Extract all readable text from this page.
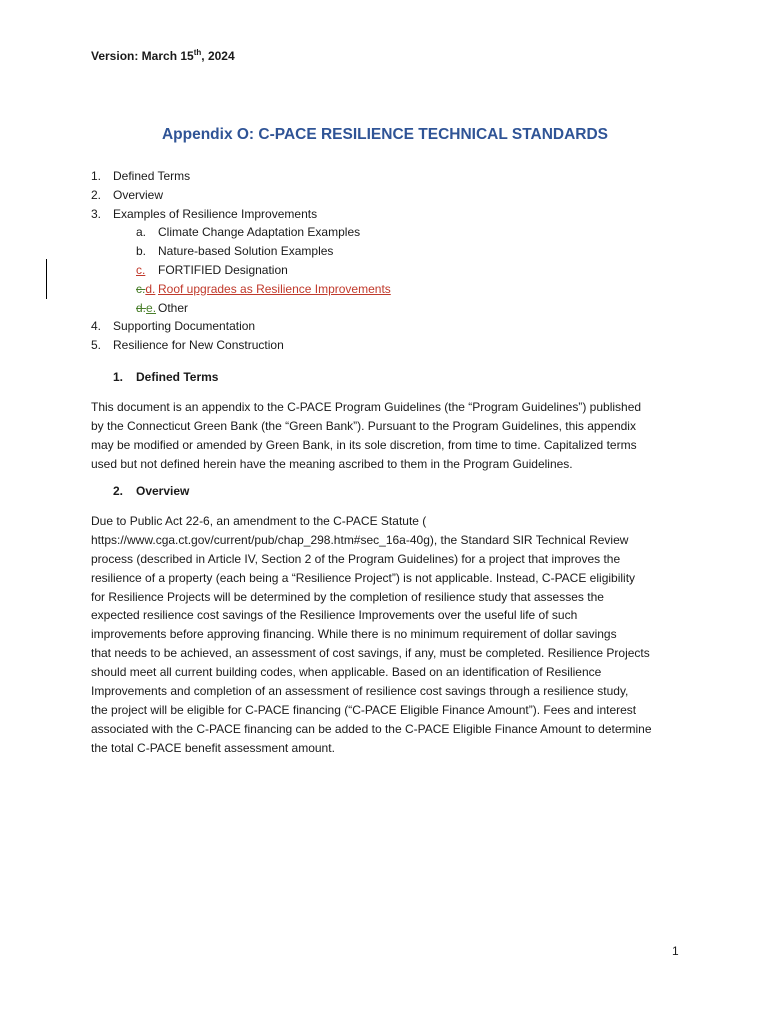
Version: March 15th, 2024
Appendix O: C-PACE RESILIENCE TECHNICAL STANDARDS
1. Defined Terms
2. Overview
3. Examples of Resilience Improvements
a. Climate Change Adaptation Examples
b. Nature-based Solution Examples
c. FORTIFIED Designation
c.d. Roof upgrades as Resilience Improvements
d.e. Other
4. Supporting Documentation
5. Resilience for New Construction
1. Defined Terms
This document is an appendix to the C-PACE Program Guidelines (the “Program Guidelines”) published
by the Connecticut Green Bank (the “Green Bank”). Pursuant to the Program Guidelines, this appendix
may be modified or amended by Green Bank, in its sole discretion, from time to time. Capitalized terms
used but not defined herein have the meaning ascribed to them in the Program Guidelines.
2. Overview
Due to Public Act 22-6, an amendment to the C-PACE Statute (
https://www.cga.ct.gov/current/pub/chap_298.htm#sec_16a-40g), the Standard SIR Technical Review
process (described in Article IV, Section 2 of the Program Guidelines) for a project that improves the
resilience of a property (each being a “Resilience Project”) is not applicable. Instead, C-PACE eligibility
for Resilience Projects will be determined by the completion of resilience study that assesses the
expected resilience cost savings of the Resilience Improvements over the useful life of such
improvements before approving financing. While there is no minimum requirement of dollar savings
that needs to be achieved, an assessment of cost savings, if any, must be completed. Resilience Projects
should meet all current building codes, when applicable. Based on an identification of Resilience
Improvements and completion of an assessment of resilience cost savings through a resilience study,
the project will be eligible for C-PACE financing (“C-PACE Eligible Finance Amount”). Fees and interest
associated with the C-PACE financing can be added to the C-PACE Eligible Finance Amount to determine
the total C-PACE benefit assessment amount.
1
